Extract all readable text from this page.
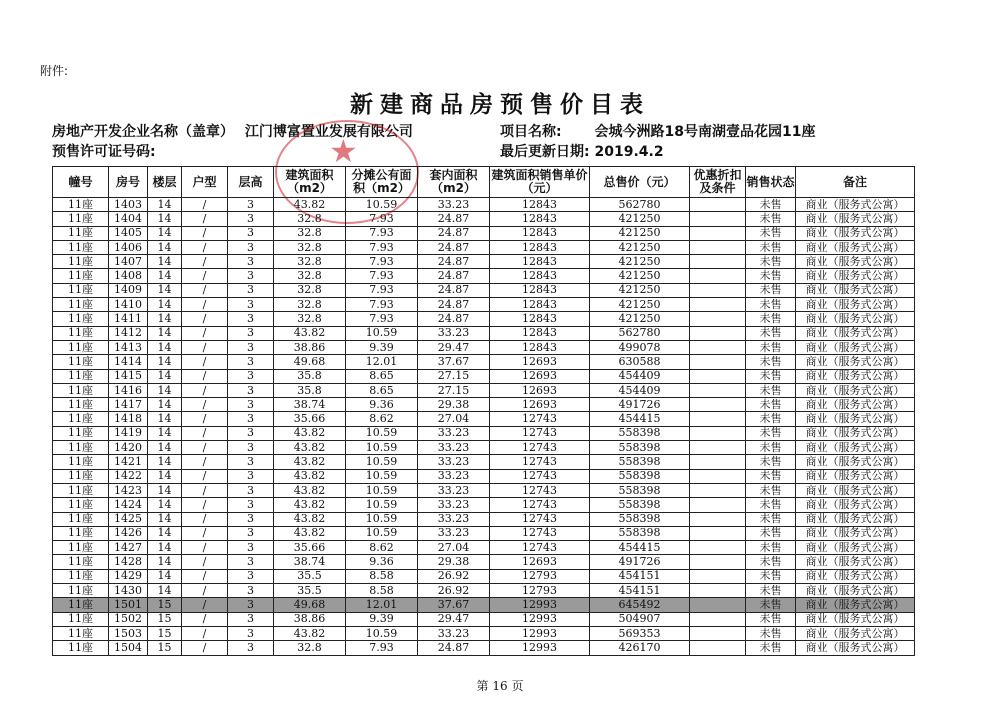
附件:
新建商品房预售价目表
房地产开发企业名称（盖章） 江门博富置业发展有限公司
预售许可证号码:
项目名称: 会城今洲路18号南湖壹品花园11座
最后更新日期: 2019.4.2
★
幢号	房号	楼层	户型	层高	建筑面积（m2）	分摊公有面积（m2）	套内面积（m2）	建筑面积销售单价（元）	总售价（元）	优惠折扣及条件	销售状态	备注
11座	1403	14	/	3	43.82	10.59	33.23	12843	562780		未售	商业（服务式公寓）
11座	1404	14	/	3	32.8	7.93	24.87	12843	421250		未售	商业（服务式公寓）
11座	1405	14	/	3	32.8	7.93	24.87	12843	421250		未售	商业（服务式公寓）
11座	1406	14	/	3	32.8	7.93	24.87	12843	421250		未售	商业（服务式公寓）
11座	1407	14	/	3	32.8	7.93	24.87	12843	421250		未售	商业（服务式公寓）
11座	1408	14	/	3	32.8	7.93	24.87	12843	421250		未售	商业（服务式公寓）
11座	1409	14	/	3	32.8	7.93	24.87	12843	421250		未售	商业（服务式公寓）
11座	1410	14	/	3	32.8	7.93	24.87	12843	421250		未售	商业（服务式公寓）
11座	1411	14	/	3	32.8	7.93	24.87	12843	421250		未售	商业（服务式公寓）
11座	1412	14	/	3	43.82	10.59	33.23	12843	562780		未售	商业（服务式公寓）
11座	1413	14	/	3	38.86	9.39	29.47	12843	499078		未售	商业（服务式公寓）
11座	1414	14	/	3	49.68	12.01	37.67	12693	630588		未售	商业（服务式公寓）
11座	1415	14	/	3	35.8	8.65	27.15	12693	454409		未售	商业（服务式公寓）
11座	1416	14	/	3	35.8	8.65	27.15	12693	454409		未售	商业（服务式公寓）
11座	1417	14	/	3	38.74	9.36	29.38	12693	491726		未售	商业（服务式公寓）
11座	1418	14	/	3	35.66	8.62	27.04	12743	454415		未售	商业（服务式公寓）
11座	1419	14	/	3	43.82	10.59	33.23	12743	558398		未售	商业（服务式公寓）
11座	1420	14	/	3	43.82	10.59	33.23	12743	558398		未售	商业（服务式公寓）
11座	1421	14	/	3	43.82	10.59	33.23	12743	558398		未售	商业（服务式公寓）
11座	1422	14	/	3	43.82	10.59	33.23	12743	558398		未售	商业（服务式公寓）
11座	1423	14	/	3	43.82	10.59	33.23	12743	558398		未售	商业（服务式公寓）
11座	1424	14	/	3	43.82	10.59	33.23	12743	558398		未售	商业（服务式公寓）
11座	1425	14	/	3	43.82	10.59	33.23	12743	558398		未售	商业（服务式公寓）
11座	1426	14	/	3	43.82	10.59	33.23	12743	558398		未售	商业（服务式公寓）
11座	1427	14	/	3	35.66	8.62	27.04	12743	454415		未售	商业（服务式公寓）
11座	1428	14	/	3	38.74	9.36	29.38	12693	491726		未售	商业（服务式公寓）
11座	1429	14	/	3	35.5	8.58	26.92	12793	454151		未售	商业（服务式公寓）
11座	1430	14	/	3	35.5	8.58	26.92	12793	454151		未售	商业（服务式公寓）
11座	1501	15	/	3	49.68	12.01	37.67	12993	645492		未售	商业（服务式公寓）
11座	1502	15	/	3	38.86	9.39	29.47	12993	504907		未售	商业（服务式公寓）
11座	1503	15	/	3	43.82	10.59	33.23	12993	569353		未售	商业（服务式公寓）
11座	1504	15	/	3	32.8	7.93	24.87	12993	426170		未售	商业（服务式公寓）
第 16 页
